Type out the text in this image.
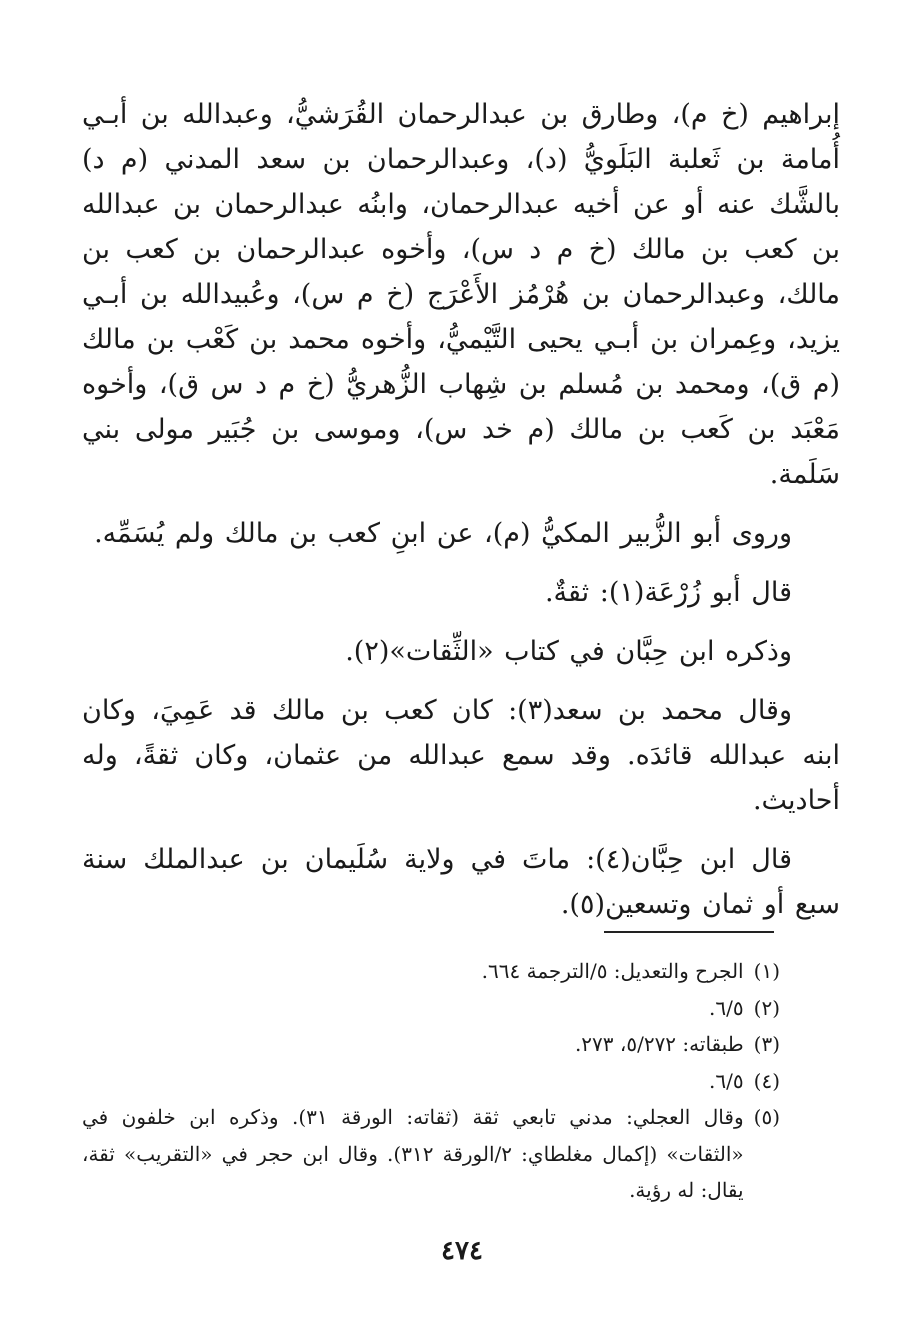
إبراهيم (خ م)، وطارق بن عبدالرحمان القُرَشيُّ، وعبدالله بن أبـي أُمامة بن ثَعلبة البَلَويُّ (د)، وعبدالرحمان بن سعد المدني (م د) بالشَّك عنه أو عن أخيه عبدالرحمان، وابنُه عبدالرحمان بن عبدالله بن كعب بن مالك (خ م د س)، وأخوه عبدالرحمان بن كعب بن مالك، وعبدالرحمان بن هُرْمُز الأَعْرَج (خ م س)، وعُبيدالله بن أبـي يزيد، وعِمران بن أبـي يحيى التَّيْميُّ، وأخوه محمد بن كَعْب بن مالك (م ق)، ومحمد بن مُسلم بن شِهاب الزُّهريُّ (خ م د س ق)، وأخوه مَعْبَد بن كَعب بن مالك (م خد س)، وموسى بن جُبَير مولى بني سَلَمة.

وروى أبو الزُّبير المكيُّ (م)، عن ابنِ كعب بن مالك ولم يُسَمِّه.

قال أبو زُرْعَة(١): ثقةٌ.

وذكره ابن حِبَّان في كتاب «الثِّقات»(٢).

وقال محمد بن سعد(٣): كان كعب بن مالك قد عَمِيَ، وكان ابنه عبدالله قائدَه. وقد سمع عبدالله من عثمان، وكان ثقةً، وله أحاديث.

قال ابن حِبَّان(٤): ماتَ في ولاية سُلَيمان بن عبدالملك سنة سبع أو ثمان وتسعين(٥).

(١)
الجرح والتعديل: ٥/الترجمة ٦٦٤.

(٢)
٦/٥.

(٣)
طبقاته: ٥/٢٧٢، ٢٧٣.

(٤)
٦/٥.

(٥)
وقال العجلي: مدني تابعي ثقة (ثقاته: الورقة ٣١). وذكره ابن خلفون في «الثقات» (إكمال مغلطاي: ٢/الورقة ٣١٢). وقال ابن حجر في «التقريب» ثقة، يقال: له رؤية.

٤٧٤
